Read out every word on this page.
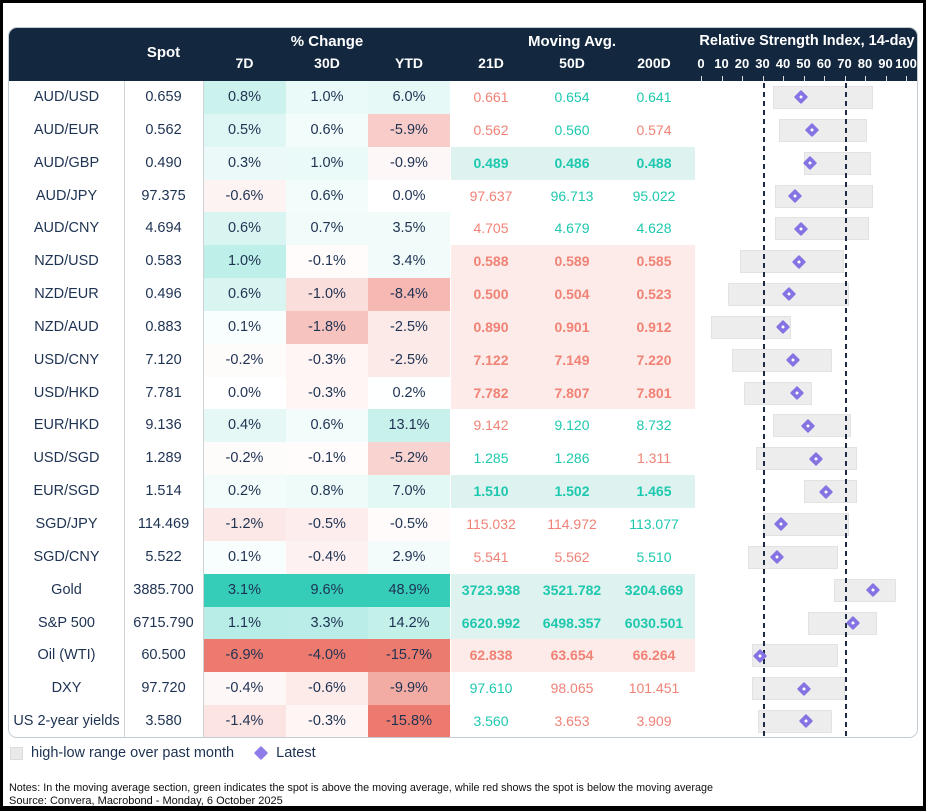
Spot
% Change	Moving Avg.	Relative Strength Index, 14-day
7D	30D	YTD	21D	50D	200D 0 10 20 30 40 50 60 70 80 90 100
AUD/USD	0.659	0.8%	1.0%	6.0%	0.661	0.654	0.641
AUD/EUR	0.562	0.5%	0.6%	-5.9%	0.562	0.560	0.574
AUD/GBP	0.490	0.3%	1.0%	-0.9%	0.489	0.486	0.488
AUD/JPY	97.375	-0.6%	0.6%	0.0%	97.637	96.713	95.022
AUD/CNY	4.694	0.6%	0.7%	3.5%	4.705	4.679	4.628
NZD/USD	0.583	1.0%	-0.1%	3.4%	0.588	0.589	0.585
NZD/EUR	0.496	0.6%	-1.0%	-8.4%	0.500	0.504	0.523
NZD/AUD	0.883	0.1%	-1.8%	-2.5%	0.890	0.901	0.912
USD/CNY	7.120	-0.2%	-0.3%	-2.5%	7.122	7.149	7.220
USD/HKD	7.781	0.0%	-0.3%	0.2%	7.782	7.807	7.801
EUR/HKD	9.136	0.4%	0.6%	13.1%	9.142	9.120	8.732
USD/SGD	1.289	-0.2%	-0.1%	-5.2%	1.285	1.286	1.311
EUR/SGD	1.514	0.2%	0.8%	7.0%	1.510	1.502	1.465
SGD/JPY	114.469	-1.2%	-0.5%	-0.5%	115.032	114.972	113.077
SGD/CNY	5.522	0.1%	-0.4%	2.9%	5.541	5.562	5.510
Gold	3885.700	3.1%	9.6%	48.9%	3723.938	3521.782	3204.669
S&P 500	6715.790	1.1%	3.3%	14.2%	6620.992	6498.357	6030.501
Oil (WTI)	60.500	-6.9%	-4.0%	-15.7%	62.838	63.654	66.264
DXY	97.720	-0.4%	-0.6%	-9.9%	97.610	98.065	101.451
US 2-year yields	3.580	-1.4%	-0.3%	-15.8%	3.560	3.653	3.909
high-low range over past month	Latest
Notes: In the moving average section, green indicates the spot is above the moving average, while red shows the spot is below the moving average
Source: Convera, Macrobond - Monday, 6 October 2025
